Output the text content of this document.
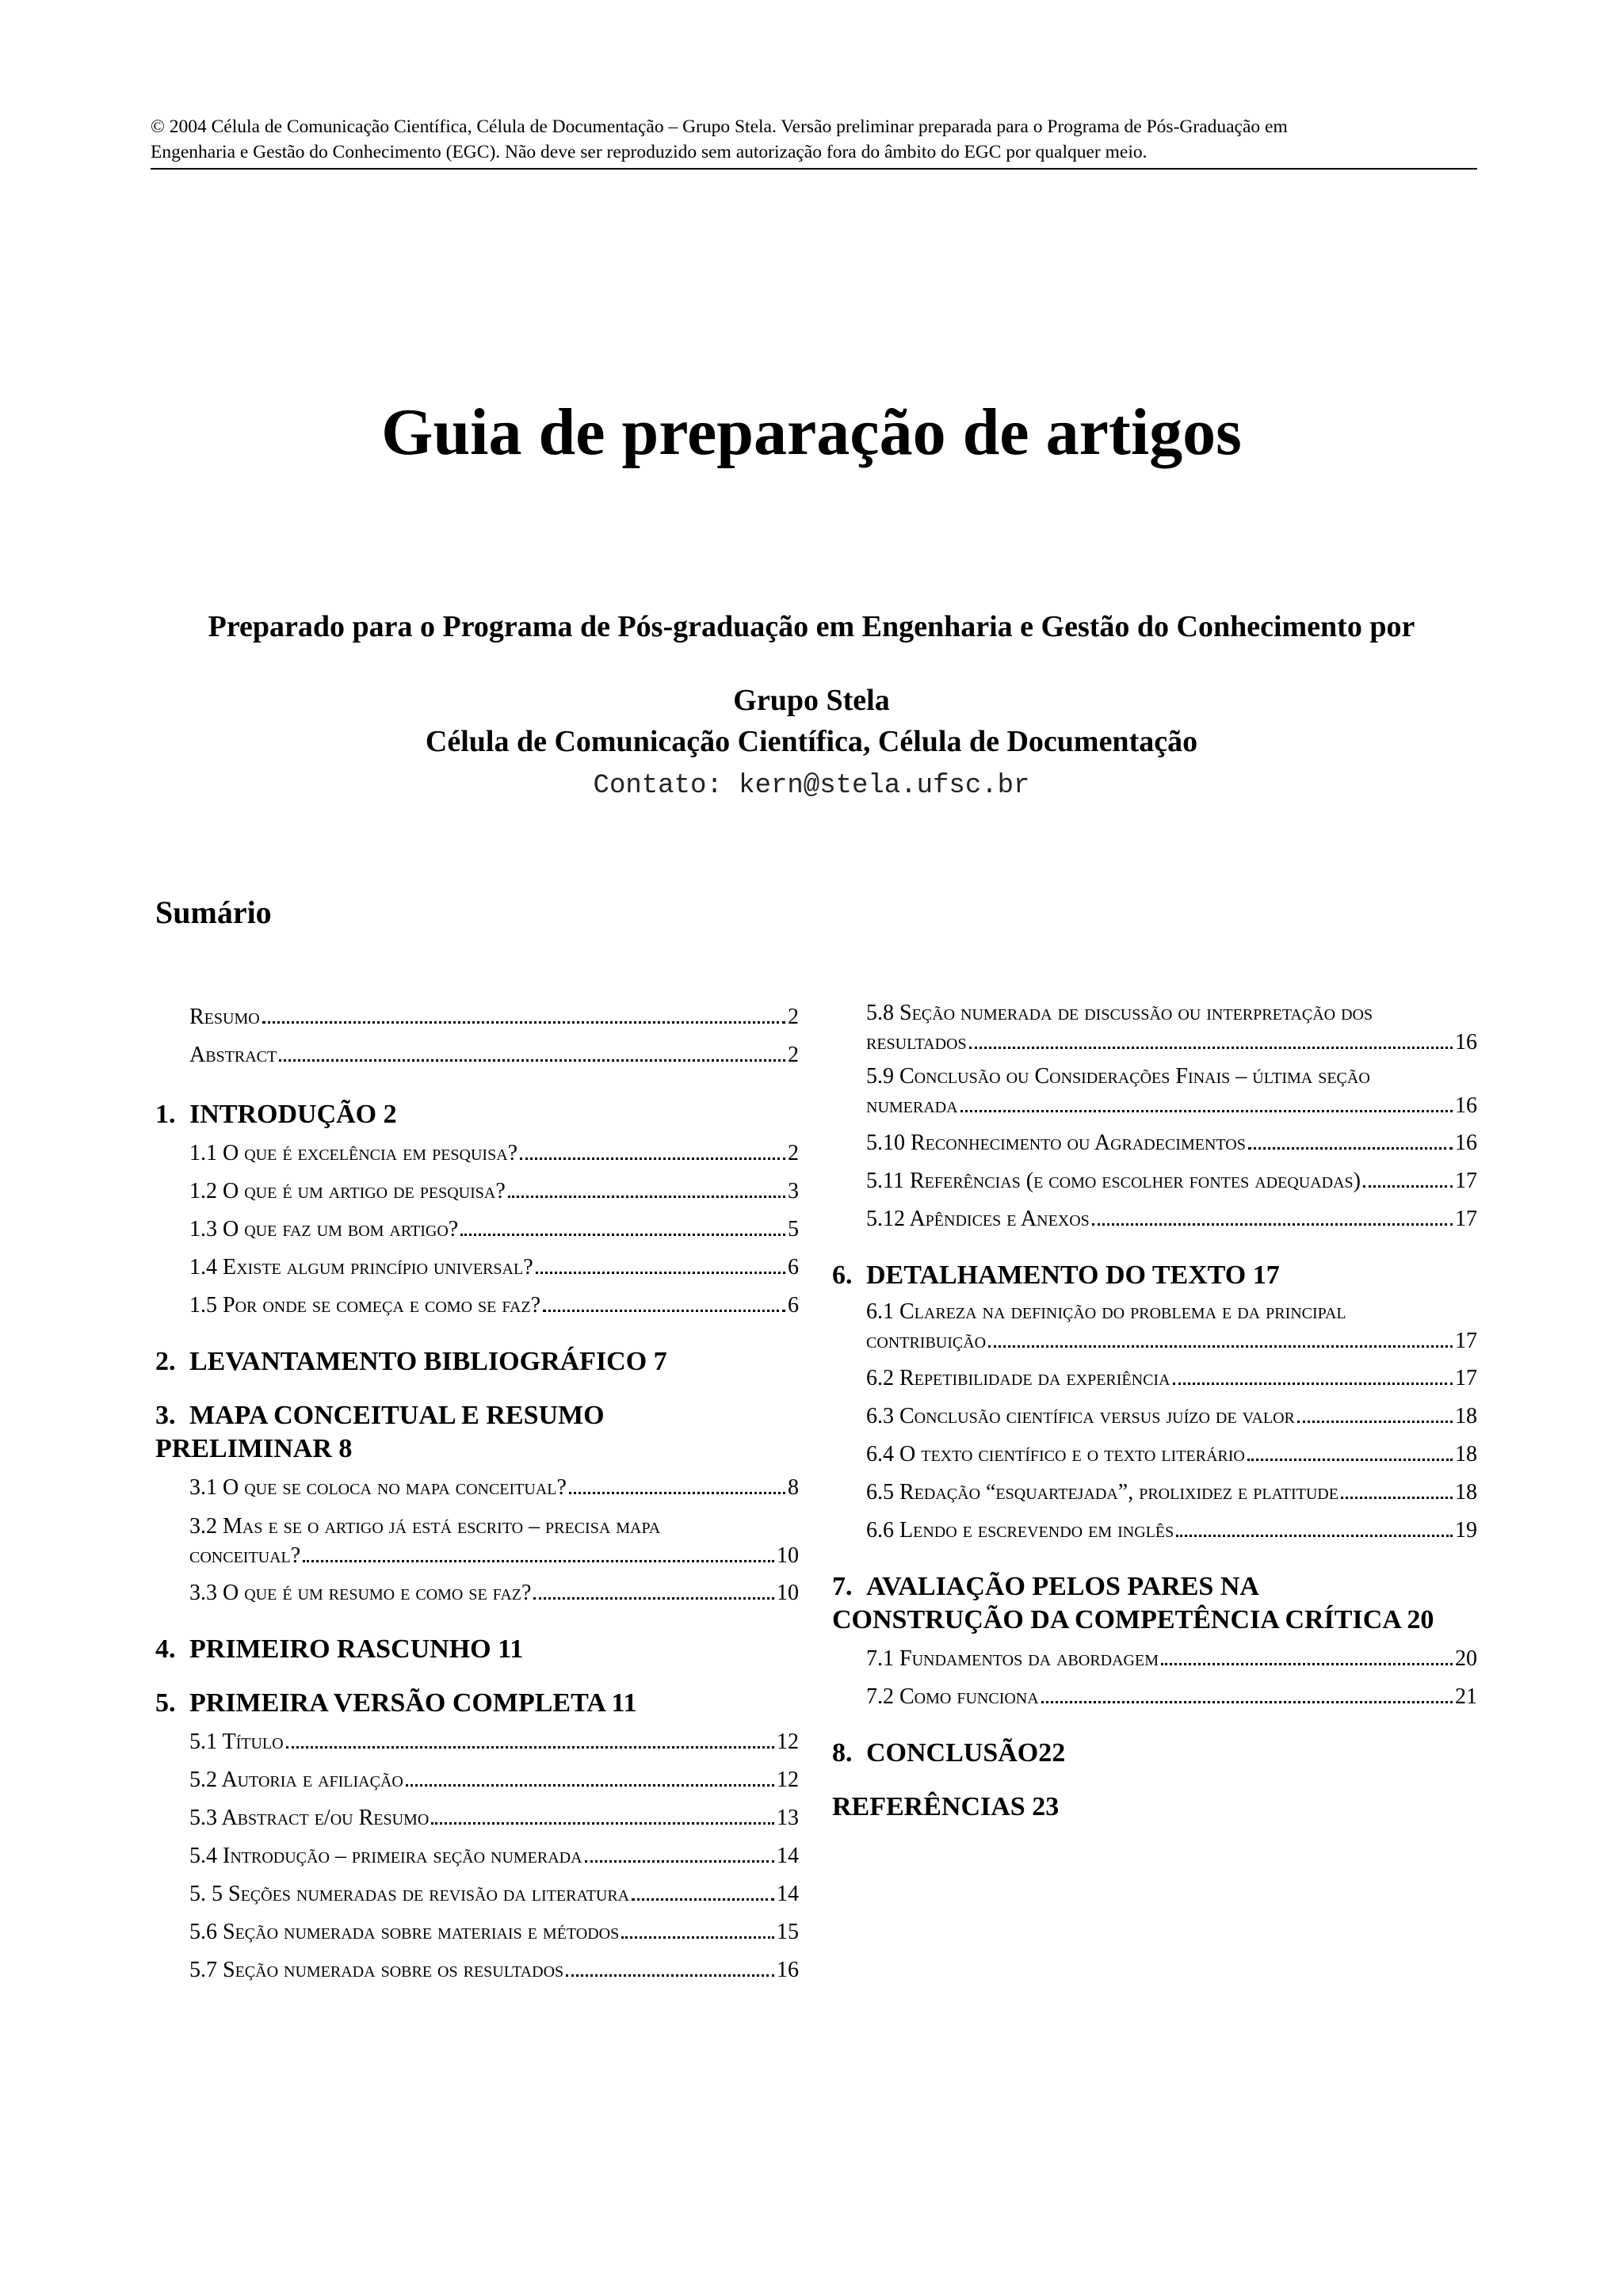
© 2004 Célula de Comunicação Científica, Célula de Documentação – Grupo Stela. Versão preliminar preparada para o Programa de Pós-Graduação em
Engenharia e Gestão do Conhecimento (EGC). Não deve ser reproduzido sem autorização fora do âmbito do EGC por qualquer meio.
Guia de preparação de artigos
Preparado para o Programa de Pós-graduação em Engenharia e Gestão do Conhecimento por
Grupo Stela
Célula de Comunicação Científica, Célula de Documentação
Contato: kern@stela.ufsc.br
Sumário
Resumo	2
Abstract	2
1. INTRODUÇÃO 2
1.1 O que é excelência em pesquisa?	2
1.2 O que é um artigo de pesquisa?	3
1.3 O que faz um bom artigo?	5
1.4 Existe algum princípio universal?	6
1.5 Por onde se começa e como se faz?	6
2. LEVANTAMENTO BIBLIOGRÁFICO 7
3. MAPA CONCEITUAL E RESUMO
PRELIMINAR 8
3.1 O que se coloca no mapa conceitual?	8
3.2 Mas e se o artigo já está escrito – precisa mapa
conceitual?	10
3.3 O que é um resumo e como se faz?	10
4. PRIMEIRO RASCUNHO 11
5. PRIMEIRA VERSÃO COMPLETA 11
5.1 Título	12
5.2 Autoria e afiliação	12
5.3 Abstract e/ou Resumo	13
5.4 Introdução – primeira seção numerada	14
5. 5 Seções numeradas de revisão da literatura	14
5.6 Seção numerada sobre materiais e métodos	15
5.7 Seção numerada sobre os resultados	16
5.8 Seção numerada de discussão ou interpretação dos
resultados	16
5.9 Conclusão ou Considerações Finais – última seção
numerada	16
5.10 Reconhecimento ou Agradecimentos	16
5.11 Referências (e como escolher fontes adequadas)	17
5.12 Apêndices e Anexos	17
6. DETALHAMENTO DO TEXTO 17
6.1 Clareza na definição do problema e da principal
contribuição	17
6.2 Repetibilidade da experiência	17
6.3 Conclusão científica versus juízo de valor	18
6.4 O texto científico e o texto literário	18
6.5 Redação “esquartejada”, prolixidez e platitude	18
6.6 Lendo e escrevendo em inglês	19
7. AVALIAÇÃO PELOS PARES NA
CONSTRUÇÃO DA COMPETÊNCIA CRÍTICA 20
7.1 Fundamentos da abordagem	20
7.2 Como funciona	21
8. CONCLUSÃO22
REFERÊNCIAS 23
